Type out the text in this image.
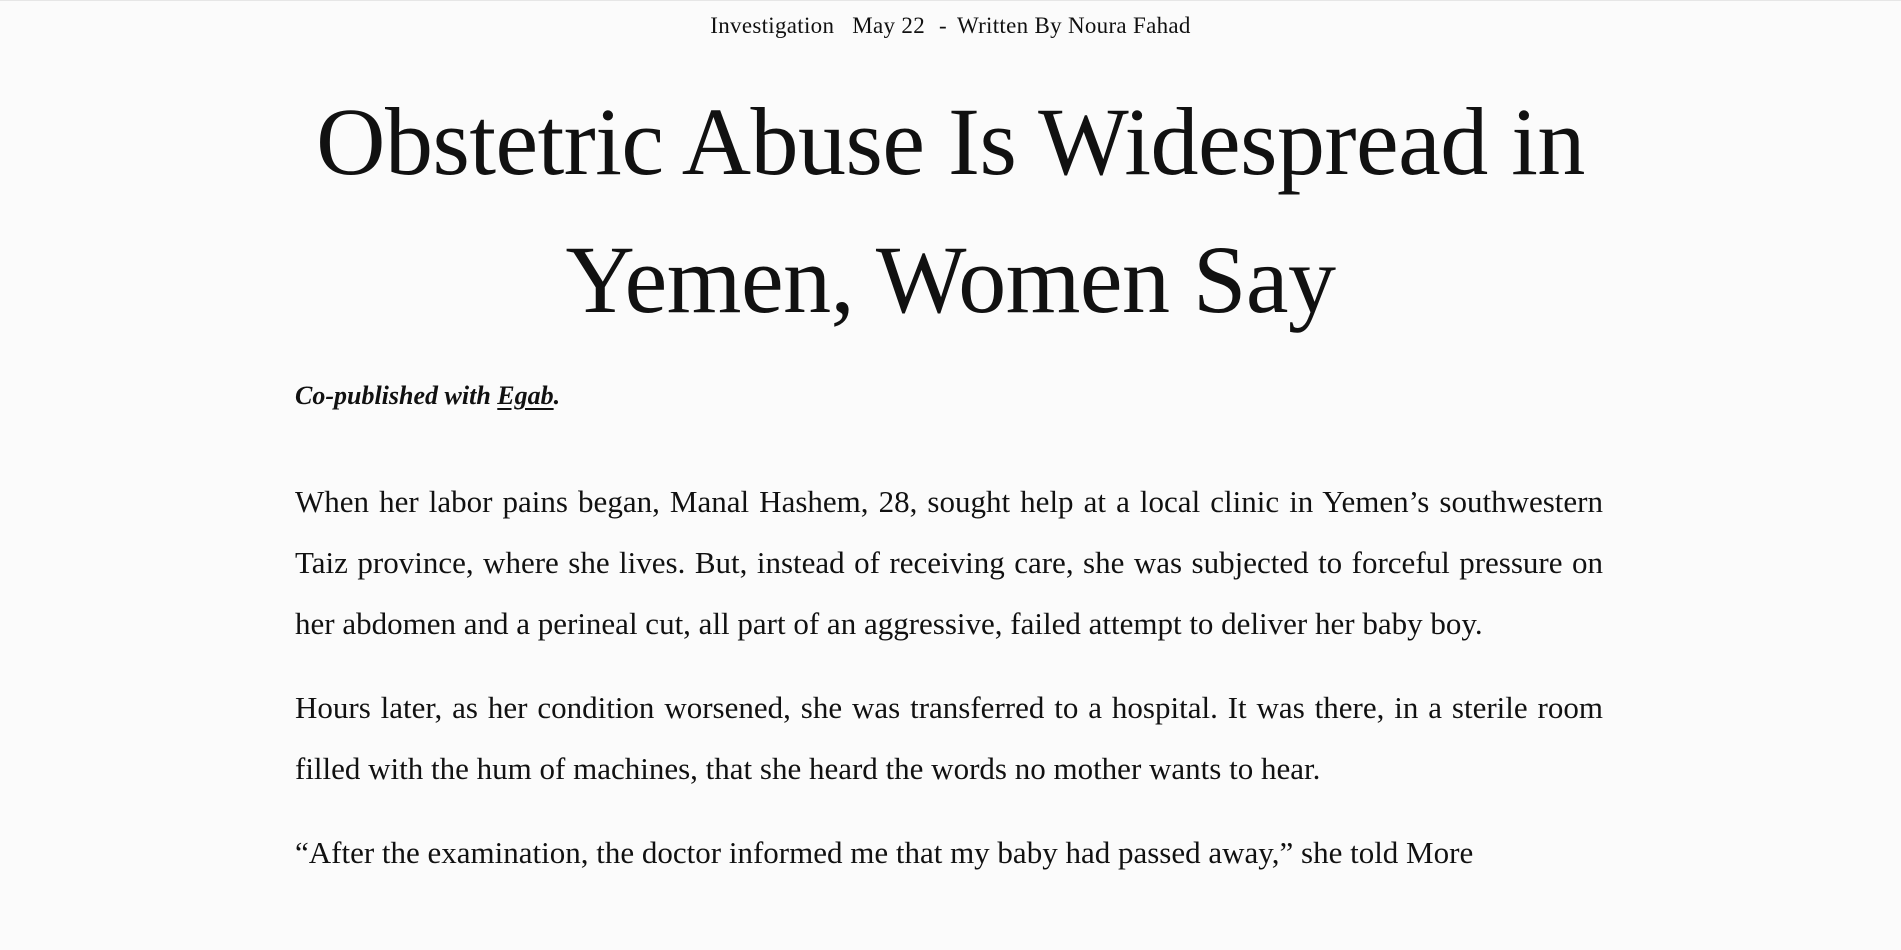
Investigation May 22 - Written By Noura Fahad
Obstetric Abuse Is Widespread in Yemen, Women Say

Co-published with Egab.

When her labor pains began, Manal Hashem, 28, sought help at a local clinic in Yemen’s southwestern Taiz province, where she lives. But, instead of receiving care, she was subjected to forceful pressure on her abdomen and a perineal cut, all part of an aggressive, failed attempt to deliver her baby boy.

Hours later, as her condition worsened, she was transferred to a hospital. It was there, in a sterile room filled with the hum of machines, that she heard the words no mother wants to hear.

“After the examination, the doctor informed me that my baby had passed away,” she told More
